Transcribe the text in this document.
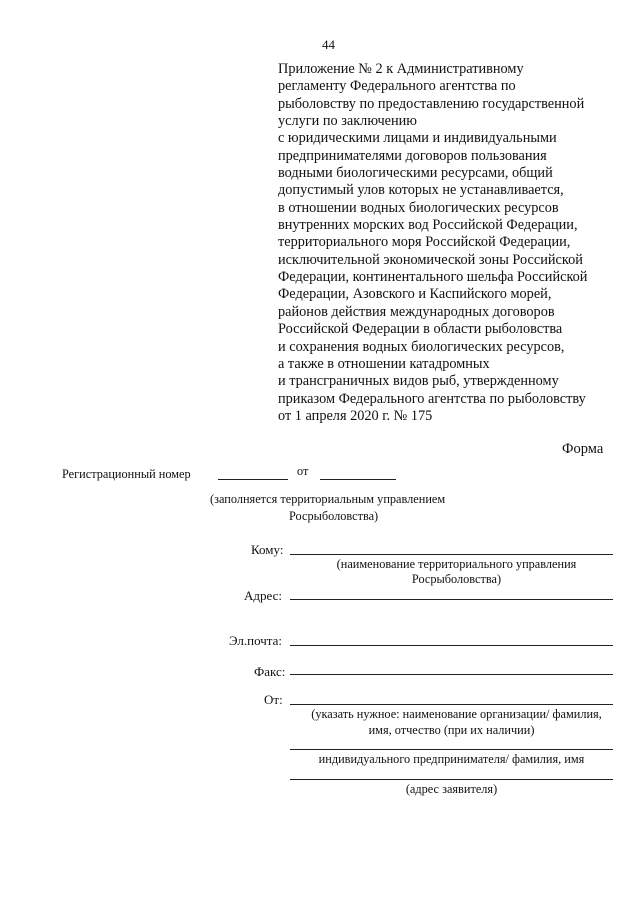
44
Приложение № 2 к Административному
регламенту Федерального агентства по
рыболовству по предоставлению государственной
услуги по заключению
с юридическими лицами и индивидуальными
предпринимателями договоров пользования
водными биологическими ресурсами, общий
допустимый улов которых не устанавливается,
в отношении водных биологических ресурсов
внутренних морских вод Российской Федерации,
территориального моря Российской Федерации,
исключительной экономической зоны Российской
Федерации, континентального шельфа Российской
Федерации, Азовского и Каспийского морей,
районов действия международных договоров
Российской Федерации в области рыболовства
и сохранения водных биологических ресурсов,
а также в отношении катадромных
и трансграничных видов рыб, утвержденному
приказом Федерального агентства по рыболовству
от 1 апреля 2020 г. № 175
Форма
Регистрационный номер	от
(заполняется территориальным управлением
Росрыболовства)
Кому:
(наименование территориального управления
Росрыболовства)
Адрес:
Эл.почта:
Факс:
От:
(указать нужное: наименование организации/ фамилия,
имя, отчество (при их наличии)
индивидуального предпринимателя/ фамилия, имя
(адрес заявителя)
